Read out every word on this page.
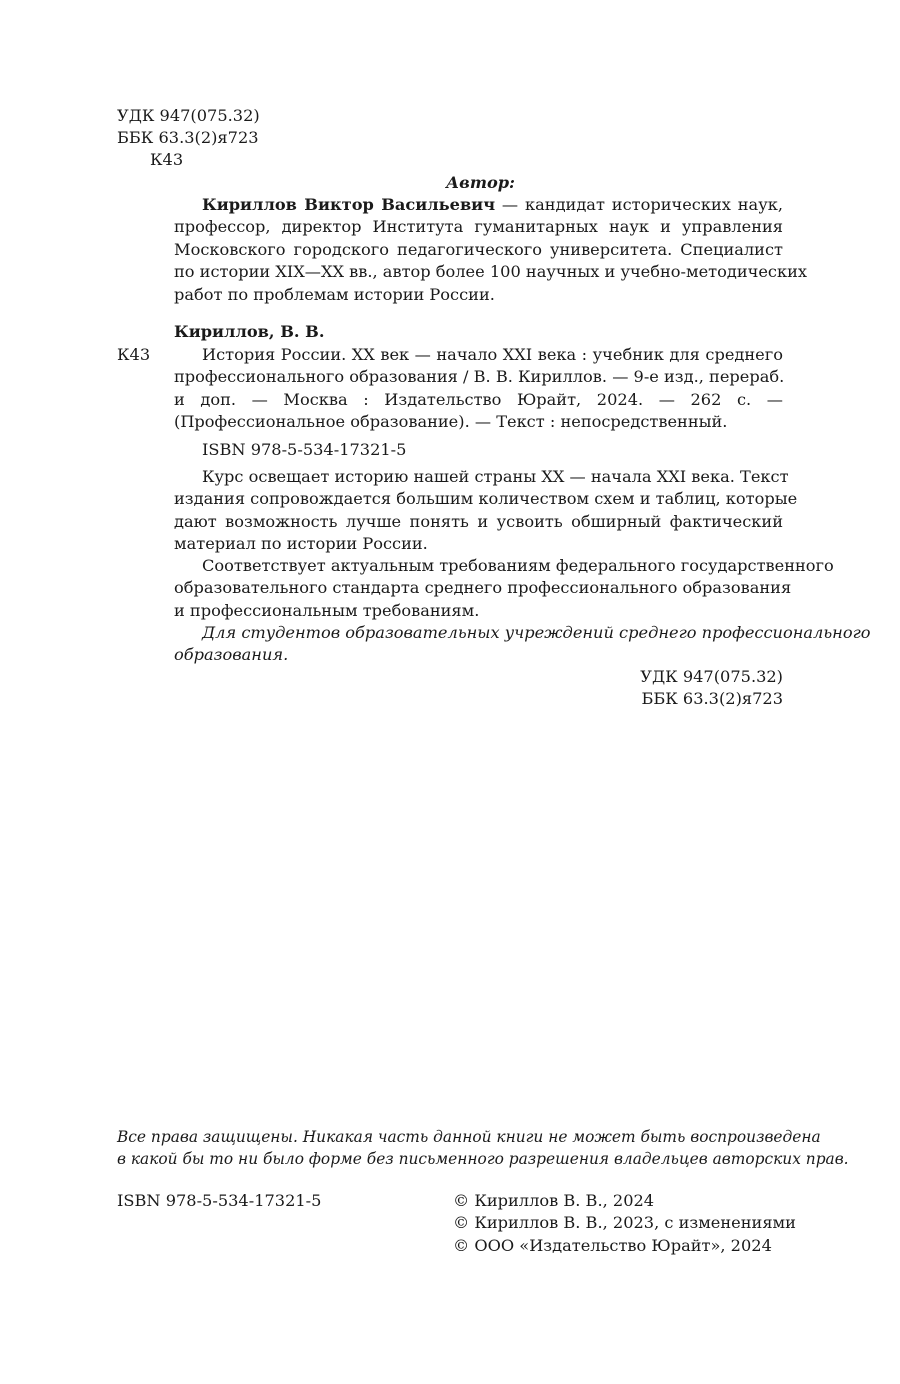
УДК 947(075.32)
ББК 63.3(2)я723
К43
Автор:
Кириллов Виктор Васильевич — кандидат исторических наук,
профессор, директор Института гуманитарных наук и управления
Московского городского педагогического университета. Специалист
по истории XIX—XX вв., автор более 100 научных и учебно-методических
работ по проблемам истории России.
Кириллов, В. В.
К43	История России. XX век — начало XXI века : учебник для среднего
профессионального образования / В. В. Кириллов. — 9-е изд., перераб.
и доп. — Москва : Издательство Юрайт, 2024. — 262 с. —
(Профессиональное образование). — Текст : непосредственный.
ISBN 978-5-534-17321-5
Курс освещает историю нашей страны XX — начала XXI века. Текст
издания сопровождается большим количеством схем и таблиц, которые
дают возможность лучше понять и усвоить обширный фактический
материал по истории России.
Соответствует актуальным требованиям федерального государственного
образовательного стандарта среднего профессионального образования
и профессиональным требованиям.
Для студентов образовательных учреждений среднего профессионального
образования.
УДК 947(075.32)
ББК 63.3(2)я723
Все права защищены. Никакая часть данной книги не может быть воспроизведена
в какой бы то ни было форме без письменного разрешения владельцев авторских прав.
ISBN 978-5-534-17321-5	© Кириллов В. В., 2024
© Кириллов В. В., 2023, с изменениями
© ООО «Издательство Юрайт», 2024
